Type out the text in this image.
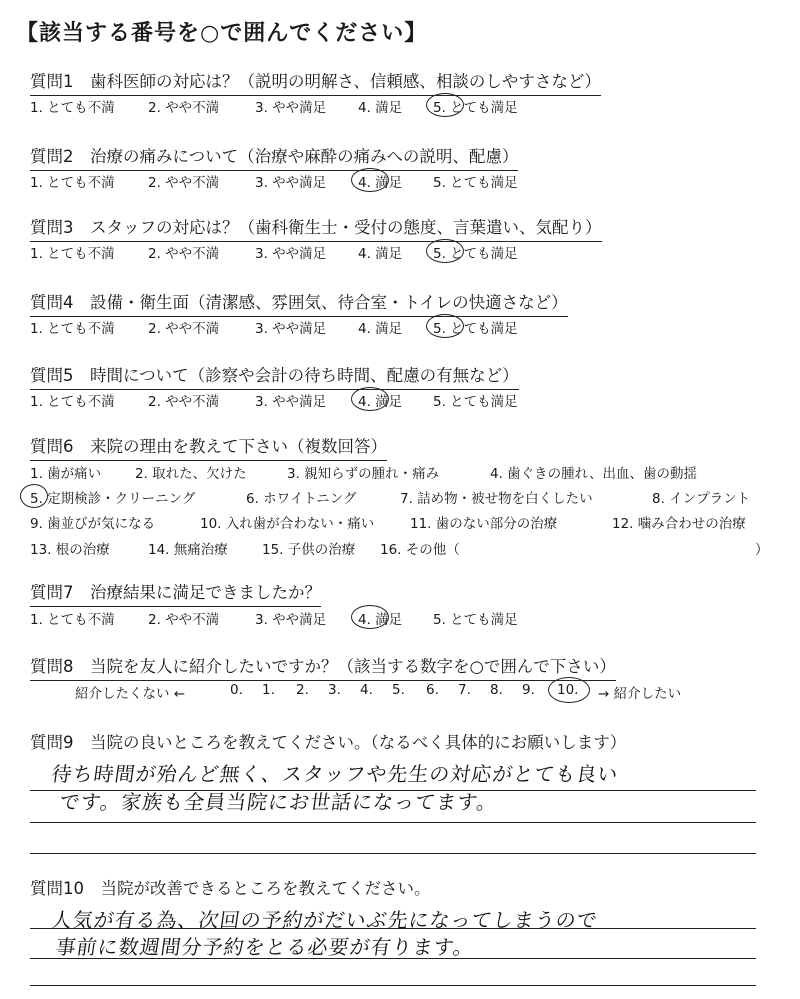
【該当する番号を○で囲んでください】
質問1　歯科医師の対応は？（説明の明解さ、信頼感、相談のしやすさなど）
1. とても不満 2. やや不満	3. やや満足 4. 満足 5. とても満足
質問2　治療の痛みについて（治療や麻酔の痛みへの説明、配慮）
1. とても不満 2. やや不満	3. やや満足 4. 満足 5. とても満足
質問3　スタッフの対応は？（歯科衛生士・受付の態度、言葉遣い、気配り）
1. とても不満 2. やや不満	3. やや満足 4. 満足 5. とても満足
質問4　設備・衛生面（清潔感、雰囲気、待合室・トイレの快適さなど）
1. とても不満 2. やや不満	3. やや満足 4. 満足 5. とても満足
質問5　時間について（診察や会計の待ち時間、配慮の有無など）
1. とても不満 2. やや不満	3. やや満足 4. 満足 5. とても満足
質問6　来院の理由を教えて下さい（複数回答）
1. 歯が痛い	2. 取れた、欠けた	3. 親知らずの腫れ・痛み	4. 歯ぐきの腫れ、出血、歯の動揺
5. 定期検診・クリーニング	6. ホワイトニング	7. 詰め物・被せ物を白くしたい	8. インプラント
9. 歯並びが気になる	10. 入れ歯が合わない・痛い	11. 歯のない部分の治療	12. 噛み合わせの治療
13. 根の治療	14. 無痛治療	15. 子供の治療 16. その他（	）
質問7　治療結果に満足できましたか？
1. とても不満 2. やや不満	3. やや満足 4. 満足 5. とても満足
質問8　当院を友人に紹介したいですか？（該当する数字を○で囲んで下さい）
紹介したくない ←	0. 1. 2. 3. 4. 5. 6. 7. 8. 9. 10. → 紹介したい
質問9　当院の良いところを教えてください。（なるべく具体的にお願いします）
待ち時間が殆んど無く、スタッフや先生の対応がとても良い
です。家族も全員当院にお世話になってます。
質問10　当院が改善できるところを教えてください。
人気が有る為、次回の予約がだいぶ先になってしまうので
事前に数週間分予約をとる必要が有ります。
